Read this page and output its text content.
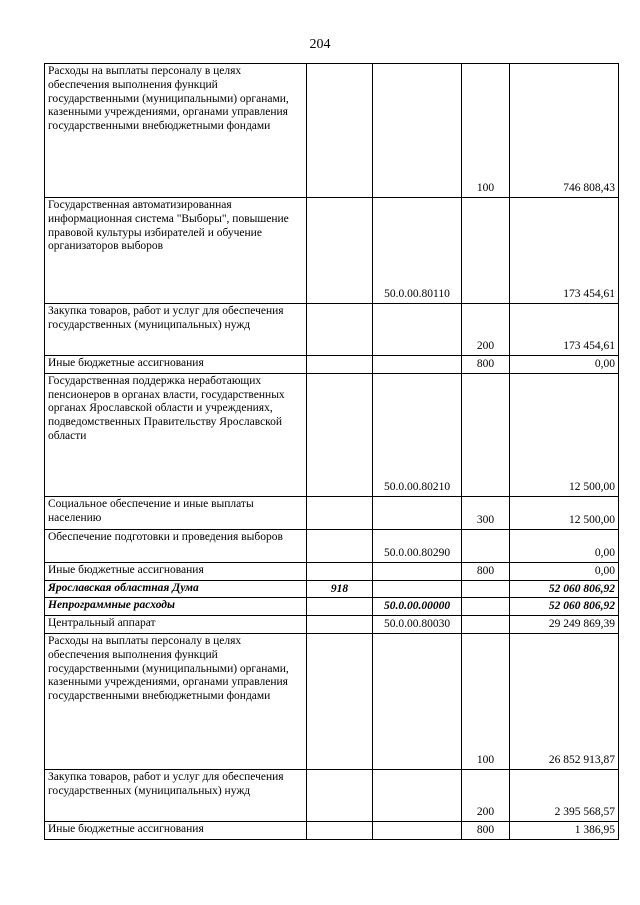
204
Расходы на выплаты персоналу в целях обеспечения выполнения функций государственными (муниципальными) органами, казенными учреждениями, органами управления государственными внебюджетными фондами			100	746 808,43
Государственная автоматизированная информационная система "Выборы", повышение правовой культуры избирателей и обучение организаторов выборов		50.0.00.80110		173 454,61
Закупка товаров, работ и услуг для обеспечения государственных (муниципальных) нужд			200	173 454,61
Иные бюджетные ассигнования			800	0,00
Государственная поддержка неработающих пенсионеров в органах власти, государственных органах Ярославской области и учреждениях, подведомственных Правительству Ярославской области		50.0.00.80210		12 500,00
Социальное обеспечение и иные выплаты населению			300	12 500,00
Обеспечение подготовки и проведения выборов		50.0.00.80290		0,00
Иные бюджетные ассигнования			800	0,00
Ярославская областная Дума	918			52 060 806,92
Непрограммные расходы		50.0.00.00000		52 060 806,92
Центральный аппарат		50.0.00.80030		29 249 869,39
Расходы на выплаты персоналу в целях обеспечения выполнения функций государственными (муниципальными) органами, казенными учреждениями, органами управления государственными внебюджетными фондами			100	26 852 913,87
Закупка товаров, работ и услуг для обеспечения государственных (муниципальных) нужд			200	2 395 568,57
Иные бюджетные ассигнования			800	1 386,95
